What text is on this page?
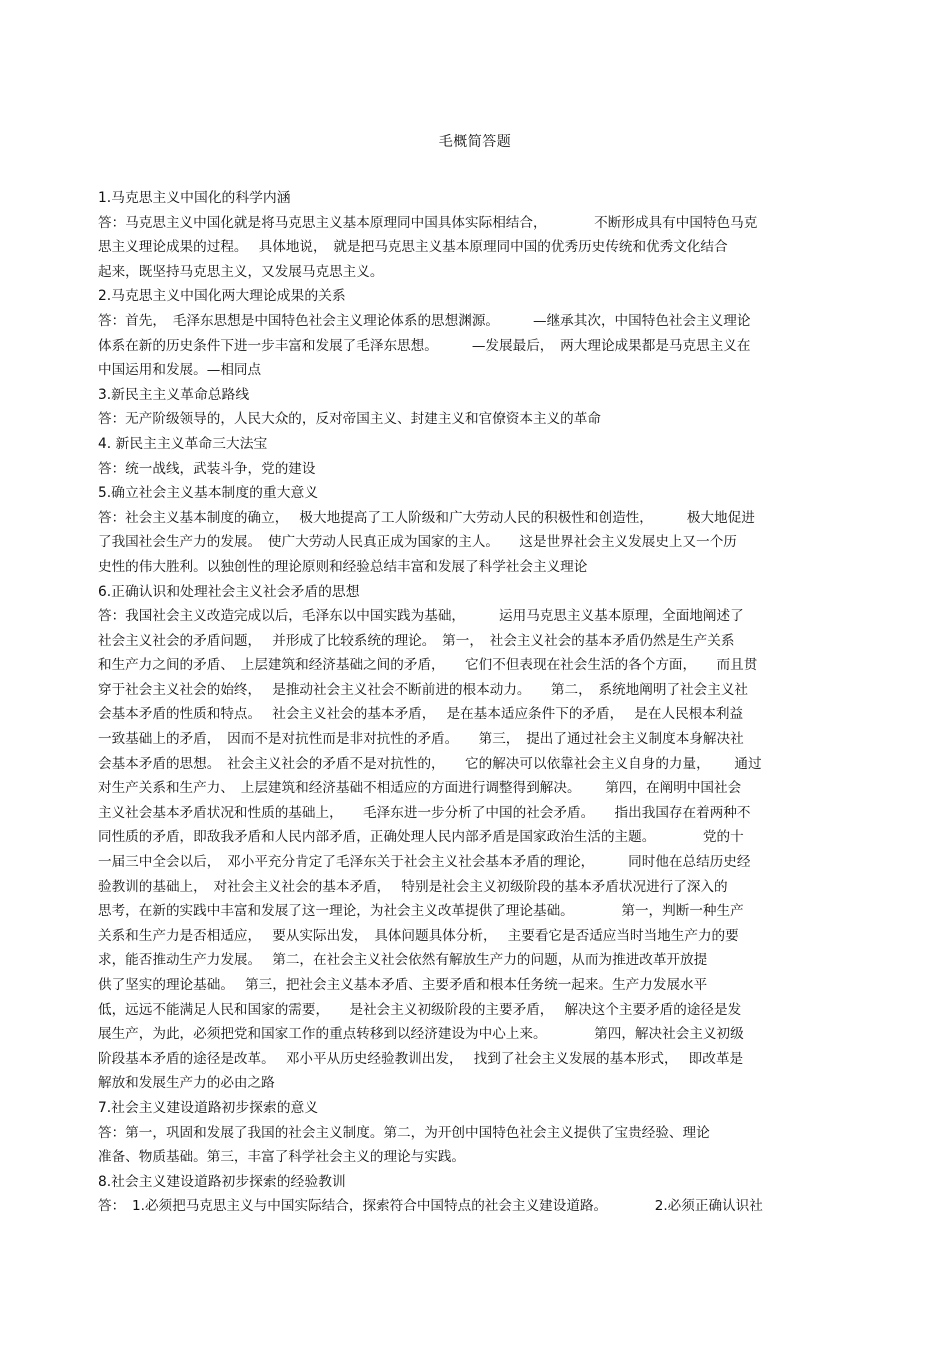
毛概简答题
1.马克思主义中国化的科学内涵
答：马克思主义中国化就是将马克思主义基本原理同中国具体实际相结合，　　　　不断形成具有中国特色马克
思主义理论成果的过程。　 具体地说，　就是把马克思主义基本原理同中国的优秀历史传统和优秀文化结合
起来，既坚持马克思主义，又发展马克思主义。
2.马克思主义中国化两大理论成果的关系
答：首先，　毛泽东思想是中国特色社会主义理论体系的思想渊源。　　　—继承其次，中国特色社会主义理论
体系在新的历史条件下进一步丰富和发展了毛泽东思想。　　　—发展最后，　两大理论成果都是马克思主义在
中国运用和发展。—相同点
3.新民主主义革命总路线
答：无产阶级领导的，人民大众的，反对帝国主义、封建主义和官僚资本主义的革命
4. 新民主主义革命三大法宝
答：统一战线，武装斗争，党的建设
5.确立社会主义基本制度的重大意义
答：社会主义基本制度的确立，　 极大地提高了工人阶级和广大劳动人民的积极性和创造性，　　　极大地促进
了我国社会生产力的发展。　使广大劳动人民真正成为国家的主人。　　这是世界社会主义发展史上又一个历
史性的伟大胜利。以独创性的理论原则和经验总结丰富和发展了科学社会主义理论
6.正确认识和处理社会主义社会矛盾的思想
答：我国社会主义改造完成以后，毛泽东以中国实践为基础，　　　运用马克思主义基本原理，全面地阐述了
社会主义社会的矛盾问题，　 并形成了比较系统的理论。　第一，　社会主义社会的基本矛盾仍然是生产关系
和生产力之间的矛盾、　上层建筑和经济基础之间的矛盾，　　它们不但表现在社会生活的各个方面，　　而且贯
穿于社会主义社会的始终，　 是推动社会主义社会不断前进的根本动力。　　第二，　系统地阐明了社会主义社
会基本矛盾的性质和特点。　 社会主义社会的基本矛盾，　 是在基本适应条件下的矛盾，　 是在人民根本利益
一致基础上的矛盾，　因而不是对抗性而是非对抗性的矛盾。　　第三，　提出了通过社会主义制度本身解决社
会基本矛盾的思想。　社会主义社会的矛盾不是对抗性的，　　它的解决可以依靠社会主义自身的力量，　　 通过
对生产关系和生产力、　上层建筑和经济基础不相适应的方面进行调整得到解决。　　 第四，在阐明中国社会
主义社会基本矛盾状况和性质的基础上，　　毛泽东进一步分析了中国的社会矛盾。　　指出我国存在着两种不
同性质的矛盾，即敌我矛盾和人民内部矛盾，正确处理人民内部矛盾是国家政治生活的主题。　　　　党的十
一届三中全会以后，　邓小平充分肯定了毛泽东关于社会主义社会基本矛盾的理论，　　　同时他在总结历史经
验教训的基础上，　对社会主义社会的基本矛盾，　 特别是社会主义初级阶段的基本矛盾状况进行了深入的
思考，在新的实践中丰富和发展了这一理论，为社会主义改革提供了理论基础。　　　　第一，判断一种生产
关系和生产力是否相适应，　 要从实际出发，　具体问题具体分析，　 主要看它是否适应当时当地生产力的要
求，能否推动生产力发展。　 第二，在社会主义社会依然有解放生产力的问题，从而为推进改革开放提
供了坚实的理论基础。　 第三，把社会主义基本矛盾、主要矛盾和根本任务统一起来。生产力发展水平
低，远远不能满足人民和国家的需要，　　是社会主义初级阶段的主要矛盾，　 解决这个主要矛盾的途径是发
展生产，为此，必须把党和国家工作的重点转移到以经济建设为中心上来。　　　　第四，解决社会主义初级
阶段基本矛盾的途径是改革。　 邓小平从历史经验教训出发，　 找到了社会主义发展的基本形式，　 即改革是
解放和发展生产力的必由之路
7.社会主义建设道路初步探索的意义
答：第一，巩固和发展了我国的社会主义制度。第二，为开创中国特色社会主义提供了宝贵经验、理论
准备、物质基础。第三，丰富了科学社会主义的理论与实践。
8.社会主义建设道路初步探索的经验教训
答：　1.必须把马克思主义与中国实际结合，探索符合中国特点的社会主义建设道路。　　　　2.必须正确认识社
